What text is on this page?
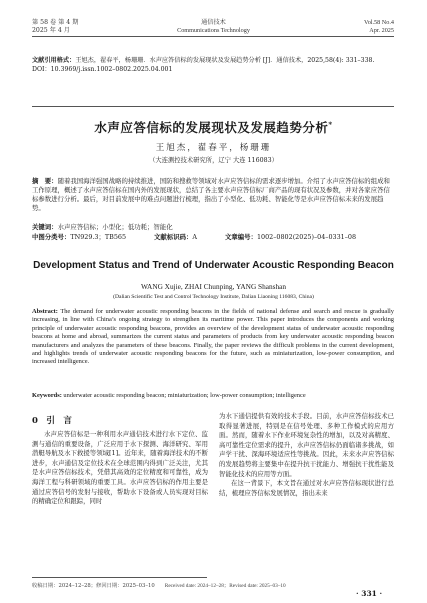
第 58 卷 第 4 期
2025 年 4 月
通信技术
Communications Technology
Vol.58 No.4
Apr. 2025
文献引用格式：王旭杰，翟春平，杨珊珊．水声应答信标的发展现状及发展趋势分析 [J]．通信技术，2025,58(4): 331–338.
DOI：10.3969/j.issn.1002–0802.2025.04.001
水声应答信标的发展现状及发展趋势分析*
王旭杰，翟春平，杨珊珊
（大连测控技术研究所，辽宁 大连 116083）
摘　要：随着我国海洋强国战略的持续推进，国防和搜救等领域对水声应答信标的需求逐步增加。介绍了水声应答信标的组成和工作原理，概述了水声应答信标在国内外的发展现状，总结了各主要水声应答信标厂商产品的现有状况及参数，并对各家应答信标参数进行分析。最后，对目前发展中的难点问题进行梳理，指出了小型化、低功耗、智能化等是水声应答信标未来的发展趋势。
关键词：水声应答信标；小型化；低功耗；智能化
中图分类号：TN929.3；TB565	文献标识码：A	文章编号：1002–0802(2025)–04–0331–08
Development Status and Trend of Underwater Acoustic Responding Beacon
WANG Xujie, ZHAI Chunping, YANG Shanshan
(Dalian Scientific Test and Control Technology Institute, Dalian Liaoning 116083, China)
Abstract: The demand for underwater acoustic responding beacons in the fields of national defense and search and rescue is gradually increasing, in line with China’s ongoing strategy to strengthen its maritime power. This paper introduces the components and working principle of underwater acoustic responding beacons, provides an overview of the development status of underwater acoustic responding beacons at home and abroad, summarizes the current status and parameters of products from key underwater acoustic responding beacon manufacturers and analyzes the parameters of these beacons. Finally, the paper reviews the difficult problems in the current development, and highlights trends of underwater acoustic responding beacons for the future, such as miniaturization, low-power consumption, and increased intelligence.
Keywords: underwater acoustic responding beacon; miniaturization; low-power consumption; intelligence
0　引　言
水声应答信标是一种利用水声通信技术进行水下定位、监测与通信的重要设备，广泛应用于水下探测、海洋研究、军用潜艇导航及水下救援等领域[1]。近年来，随着海洋技术的不断进步，水声通信及定位技术在全球范围内得到广泛关注，尤其是水声应答信标技术，凭借其高效的定位精度和可靠性，成为海洋工程与科研领域的重要工具。水声应答信标的作用主要是通过应答信号的发射与接收，帮助水下设备或人员实现对目标的精确定位和跟踪，同时
为水下通信提供有效的技术手段。目前，水声应答信标技术已取得显著进展，特别是在信号处理、多种工作模式的应用方面。然而，随着水下作业环境复杂性的增加，以及对高精度、高可靠性定位需求的提升，水声应答信标仍面临诸多挑战，如声学干扰、深海环境适应性等挑战。因此，未来水声应答信标的发展趋势将主要集中在提升抗干扰能力、增强抗干扰性能及智能化技术的应用等方面。
在这一背景下，本文旨在通过对水声应答信标现状进行总结，梳理应答信标发展情况，指出未来
收稿日期：2024–12–28；修回日期：2025–03–10 Received date: 2024–12–28；Revised date: 2025–03–10
· 331 ·
